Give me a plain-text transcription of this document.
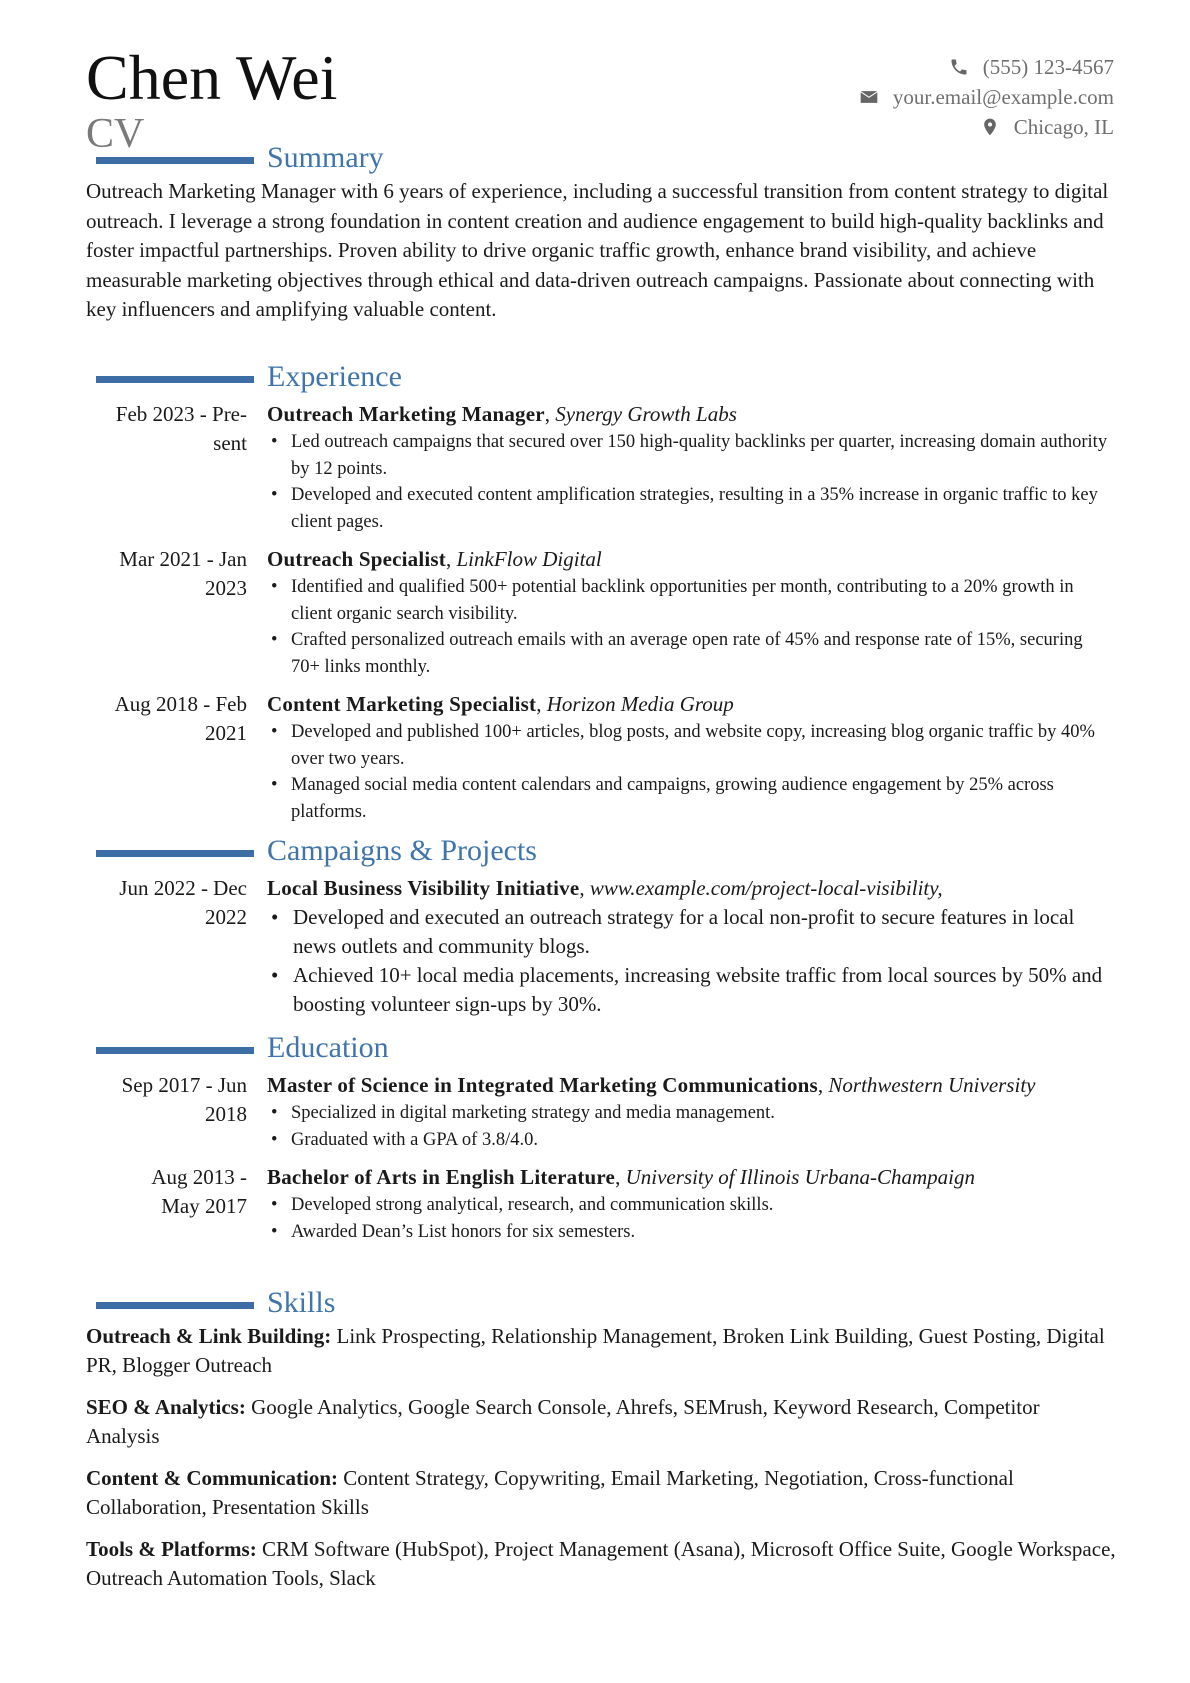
Chen Wei
CV
(555) 123-4567
your.email@example.com
Chicago, IL
Summary
Outreach Marketing Manager with 6 years of experience, including a successful transition from content strategy to digital outreach. I leverage a strong foundation in content creation and audience engagement to build high-quality backlinks and foster impactful partnerships. Proven ability to drive organic traffic growth, enhance brand visibility, and achieve measurable marketing objectives through ethical and data-driven outreach campaigns. Passionate about connecting with key influencers and amplifying valuable content.
Experience
Feb 2023 - Pre-
sent
Outreach Marketing Manager, Synergy Growth Labs
• Led outreach campaigns that secured over 150 high-quality backlinks per quarter, increasing domain authority by 12 points.
• Developed and executed content amplification strategies, resulting in a 35% increase in organic traffic to key client pages.
Mar 2021 - Jan
2023
Outreach Specialist, LinkFlow Digital
• Identified and qualified 500+ potential backlink opportunities per month, contributing to a 20% growth in client organic search visibility.
• Crafted personalized outreach emails with an average open rate of 45% and response rate of 15%, securing 70+ links monthly.
Aug 2018 - Feb
2021
Content Marketing Specialist, Horizon Media Group
• Developed and published 100+ articles, blog posts, and website copy, increasing blog organic traffic by 40% over two years.
• Managed social media content calendars and campaigns, growing audience engagement by 25% across platforms.
Campaigns & Projects
Jun 2022 - Dec
2022
Local Business Visibility Initiative, www.example.com/project-local-visibility,
• Developed and executed an outreach strategy for a local non-profit to secure features in local news outlets and community blogs.
• Achieved 10+ local media placements, increasing website traffic from local sources by 50% and boosting volunteer sign-ups by 30%.
Education
Sep 2017 - Jun
2018
Master of Science in Integrated Marketing Communications, Northwestern University
• Specialized in digital marketing strategy and media management.
• Graduated with a GPA of 3.8/4.0.
Aug 2013 -
May 2017
Bachelor of Arts in English Literature, University of Illinois Urbana-Champaign
• Developed strong analytical, research, and communication skills.
• Awarded Dean’s List honors for six semesters.
Skills
Outreach & Link Building: Link Prospecting, Relationship Management, Broken Link Building, Guest Posting, Digital PR, Blogger Outreach
SEO & Analytics: Google Analytics, Google Search Console, Ahrefs, SEMrush, Keyword Research, Competitor Analysis
Content & Communication: Content Strategy, Copywriting, Email Marketing, Negotiation, Cross-functional Collaboration, Presentation Skills
Tools & Platforms: CRM Software (HubSpot), Project Management (Asana), Microsoft Office Suite, Google Workspace, Outreach Automation Tools, Slack
